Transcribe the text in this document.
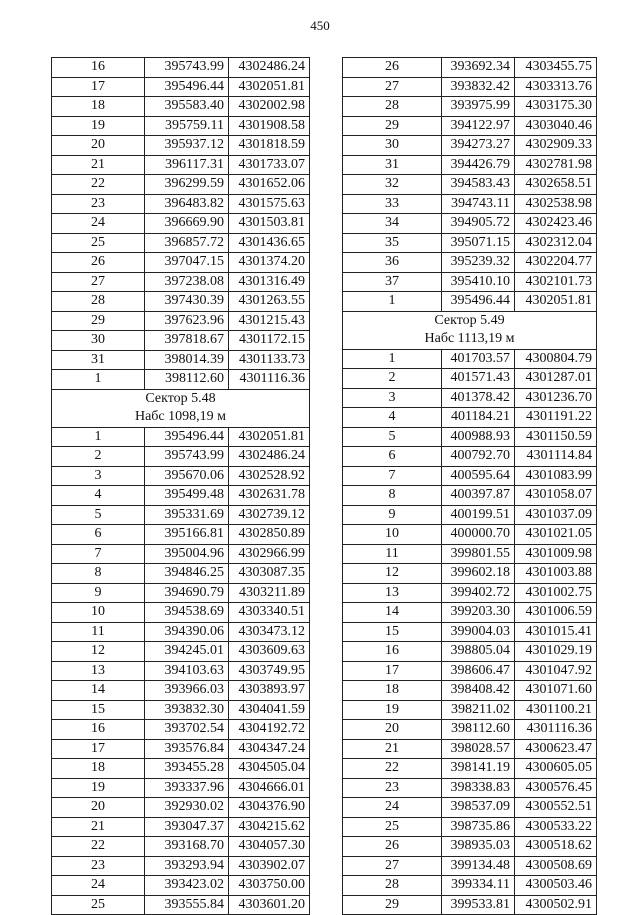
450
16	395743.99	4302486.24
17	395496.44	4302051.81
18	395583.40	4302002.98
19	395759.11	4301908.58
20	395937.12	4301818.59
21	396117.31	4301733.07
22	396299.59	4301652.06
23	396483.82	4301575.63
24	396669.90	4301503.81
25	396857.72	4301436.65
26	397047.15	4301374.20
27	397238.08	4301316.49
28	397430.39	4301263.55
29	397623.96	4301215.43
30	397818.67	4301172.15
31	398014.39	4301133.73
1	398112.60	4301116.36
Сектор 5.48		
Набс 1098,19 м		
1	395496.44	4302051.81
2	395743.99	4302486.24
3	395670.06	4302528.92
4	395499.48	4302631.78
5	395331.69	4302739.12
6	395166.81	4302850.89
7	395004.96	4302966.99
8	394846.25	4303087.35
9	394690.79	4303211.89
10	394538.69	4303340.51
11	394390.06	4303473.12
12	394245.01	4303609.63
13	394103.63	4303749.95
14	393966.03	4303893.97
15	393832.30	4304041.59
16	393702.54	4304192.72
17	393576.84	4304347.24
18	393455.28	4304505.04
19	393337.96	4304666.01
20	392930.02	4304376.90
21	393047.37	4304215.62
22	393168.70	4304057.30
23	393293.94	4303902.07
24	393423.02	4303750.00
25	393555.84	4303601.20
26	393692.34	4303455.75
27	393832.42	4303313.76
28	393975.99	4303175.30
29	394122.97	4303040.46
30	394273.27	4302909.33
31	394426.79	4302781.98
32	394583.43	4302658.51
33	394743.11	4302538.98
34	394905.72	4302423.46
35	395071.15	4302312.04
36	395239.32	4302204.77
37	395410.10	4302101.73
1	395496.44	4302051.81
Сектор 5.49		
Набс 1113,19 м		
1	401703.57	4300804.79
2	401571.43	4301287.01
3	401378.42	4301236.70
4	401184.21	4301191.22
5	400988.93	4301150.59
6	400792.70	4301114.84
7	400595.64	4301083.99
8	400397.87	4301058.07
9	400199.51	4301037.09
10	400000.70	4301021.05
11	399801.55	4301009.98
12	399602.18	4301003.88
13	399402.72	4301002.75
14	399203.30	4301006.59
15	399004.03	4301015.41
16	398805.04	4301029.19
17	398606.47	4301047.92
18	398408.42	4301071.60
19	398211.02	4301100.21
20	398112.60	4301116.36
21	398028.57	4300623.47
22	398141.19	4300605.05
23	398338.83	4300576.45
24	398537.09	4300552.51
25	398735.86	4300533.22
26	398935.03	4300518.62
27	399134.48	4300508.69
28	399334.11	4300503.46
29	399533.81	4300502.91
